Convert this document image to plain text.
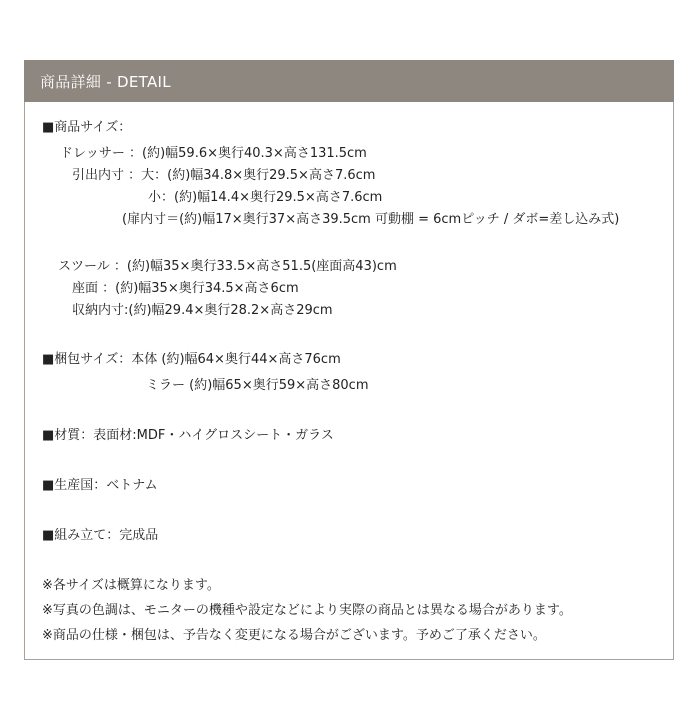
商品詳細 - DETAIL
■商品サイズ：
ドレッサー ：(約)幅59.6×奥行40.3×高さ131.5cm
引出内寸 ：大：(約)幅34.8×奥行29.5×高さ7.6cm
小：(約)幅14.4×奥行29.5×高さ7.6cm
(扉内寸＝(約)幅17×奥行37×高さ39.5cm 可動棚 = 6cmピッチ / ダボ=差し込み式)
スツール ：(約)幅35×奥行33.5×高さ51.5(座面高43)cm
座面 ：(約)幅35×奥行34.5×高さ6cm
収納内寸:(約)幅29.4×奥行28.2×高さ29cm
■梱包サイズ：本体 (約)幅64×奥行44×高さ76cm
ミラー (約)幅65×奥行59×高さ80cm
■材質：表面材:MDF・ハイグロスシート・ガラス
■生産国：ベトナム
■組み立て：完成品
※各サイズは概算になります。
※写真の色調は、モニターの機種や設定などにより実際の商品とは異なる場合があります。
※商品の仕様・梱包は、予告なく変更になる場合がございます。予めご了承ください。
